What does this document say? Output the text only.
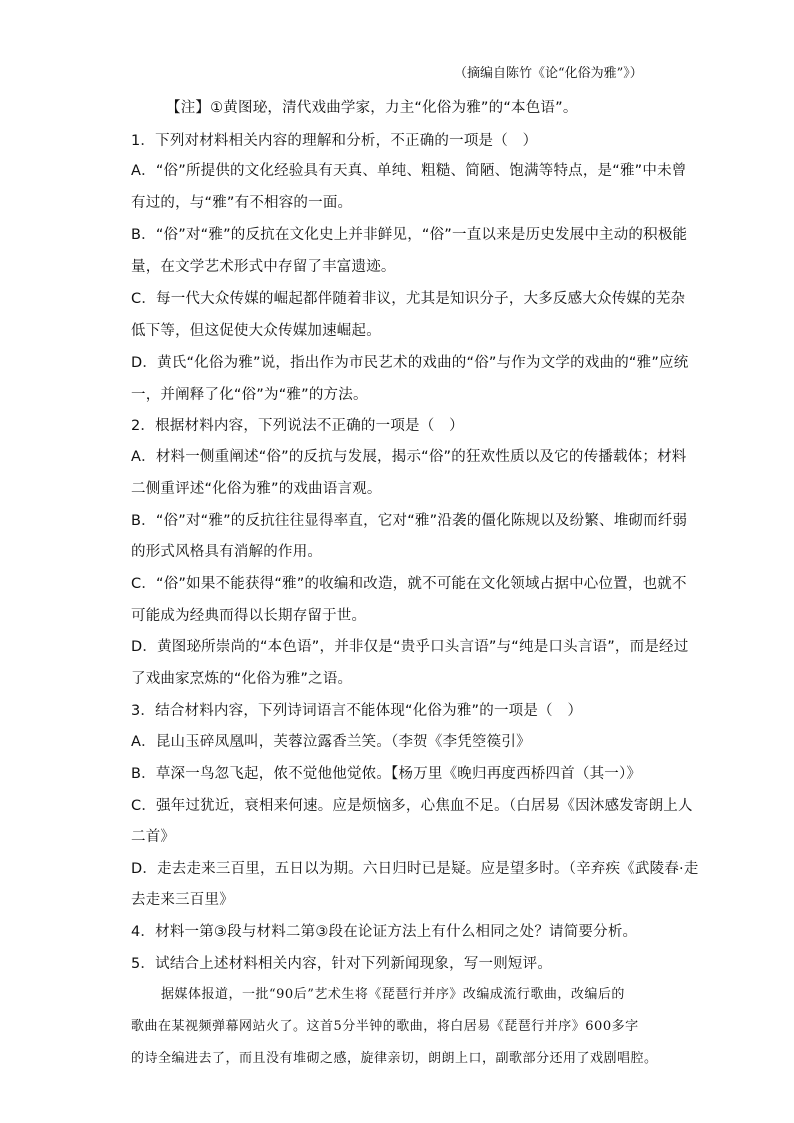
（摘编自陈竹《论“化俗为雅”》）
【注】①黄图珌，清代戏曲学家，力主“化俗为雅”的“本色语”。
1．下列对材料相关内容的理解和分析，不正确的一项是（　）
A．“俗”所提供的文化经验具有天真、单纯、粗糙、简陋、饱满等特点，是“雅”中未曾
有过的，与“雅”有不相容的一面。
B．“俗”对“雅”的反抗在文化史上并非鲜见，“俗”一直以来是历史发展中主动的积极能
量，在文学艺术形式中存留了丰富遗迹。
C．每一代大众传媒的崛起都伴随着非议，尤其是知识分子，大多反感大众传媒的芜杂
低下等，但这促使大众传媒加速崛起。
D．黄氏“化俗为雅”说，指出作为市民艺术的戏曲的“俗”与作为文学的戏曲的“雅”应统
一，并阐释了化“俗”为“雅”的方法。
2．根据材料内容，下列说法不正确的一项是（　）
A．材料一侧重阐述“俗”的反抗与发展，揭示“俗”的狂欢性质以及它的传播载体；材料
二侧重评述“化俗为雅”的戏曲语言观。
B．“俗”对“雅”的反抗往往显得率直，它对“雅”沿袭的僵化陈规以及纷繁、堆砌而纤弱
的形式风格具有消解的作用。
C．“俗”如果不能获得“雅”的收编和改造，就不可能在文化领域占据中心位置，也就不
可能成为经典而得以长期存留于世。
D．黄图珌所崇尚的“本色语”，并非仅是“贵乎口头言语”与“纯是口头言语”，而是经过
了戏曲家烹炼的“化俗为雅”之语。
3．结合材料内容，下列诗词语言不能体现“化俗为雅”的一项是（　）
A．昆山玉碎凤凰叫，芙蓉泣露香兰笑。（李贺《李凭箜篌引》
B．草深一鸟忽飞起，侬不觉他他觉侬。【杨万里《晚归再度西桥四首（其一）》
C．强年过犹近，衰相来何速。应是烦恼多，心焦血不足。（白居易《因沐感发寄朗上人
二首》
D．走去走来三百里，五日以为期。六日归时已是疑。应是望多时。（辛弃疾《武陵春·走
去走来三百里》
4．材料一第③段与材料二第③段在论证方法上有什么相同之处？请简要分析。
5．试结合上述材料相关内容，针对下列新闻现象，写一则短评。
据媒体报道，一批“90后”艺术生将《琵琶行并序》改编成流行歌曲，改编后的
歌曲在某视频弹幕网站火了。这首5分半钟的歌曲，将白居易《琵琶行并序》600多字
的诗全编进去了，而且没有堆砌之感，旋律亲切，朗朗上口，副歌部分还用了戏剧唱腔。
